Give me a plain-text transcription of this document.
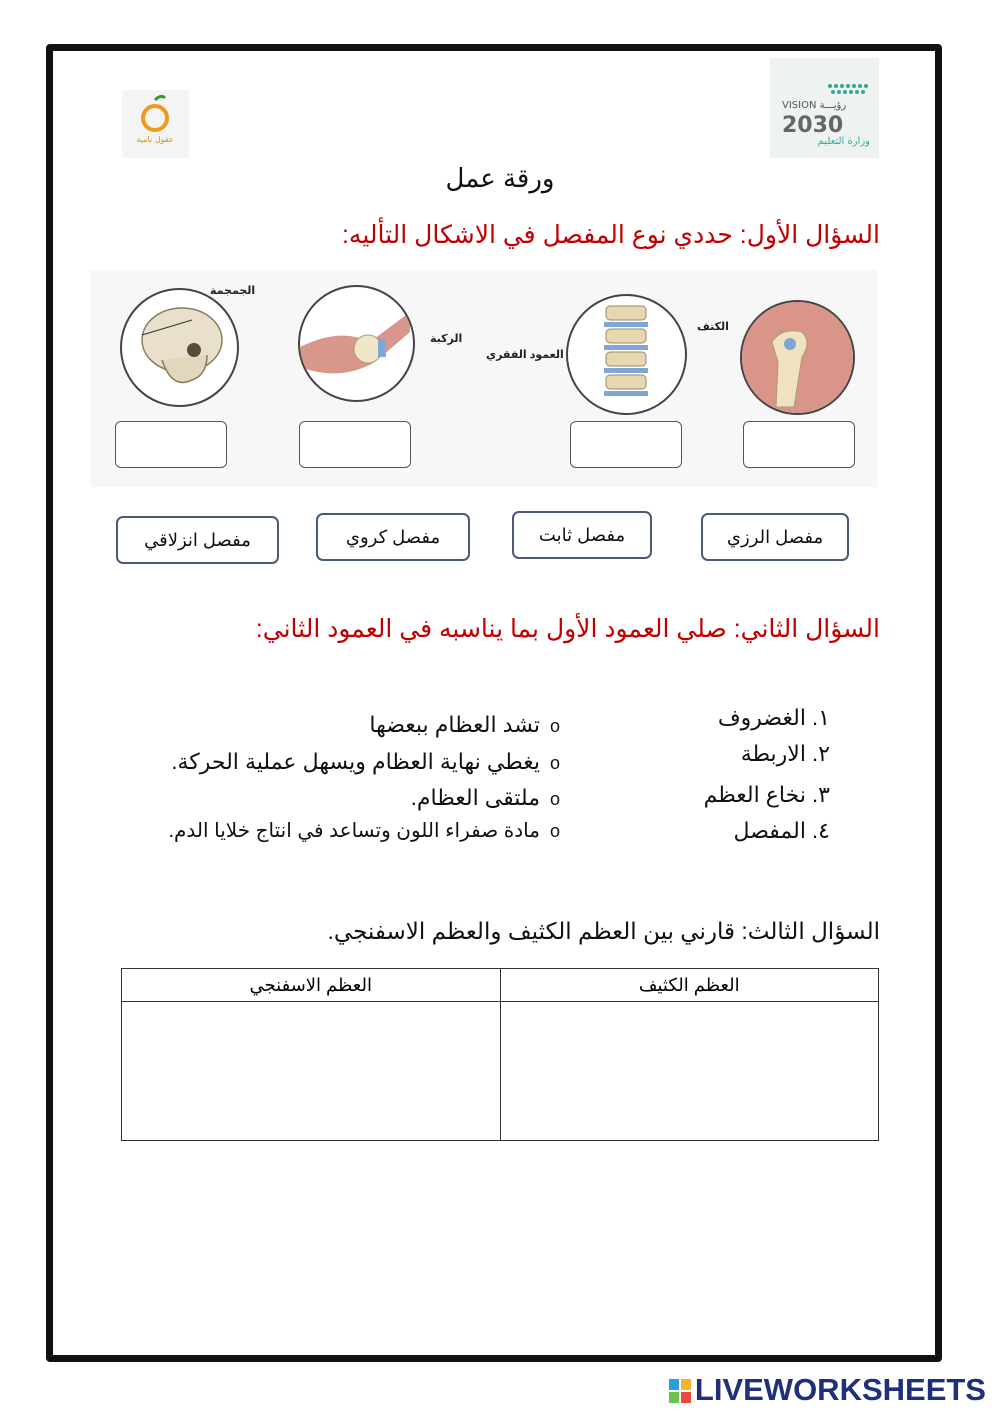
عقول نامية
VISION رؤيـــة
2030
وزارة التعليم
ورقة عمل
السؤال الأول: حددي نوع المفصل في الاشكال التأليه:
الجمجمة
الركبة
العمود الفقري
الكتف
مفصل الرزي
مفصل ثابت
مفصل كروي
مفصل انزلاقي
السؤال الثاني: صلي العمود الأول بما يناسبه في العمود الثاني:
١. الغضروف
٢. الاربطة
٣. نخاع العظم
٤. المفصل
oتشد العظام ببعضها
oيغطي نهاية العظام ويسهل عملية الحركة.
oملتقى العظام.
oمادة صفراء اللون وتساعد في انتاج خلايا الدم.
السؤال الثالث: قارني بين العظم الكثيف والعظم الاسفنجي.
العظم الكثيف	العظم الاسفنجي

LIVEWORKSHEETS
